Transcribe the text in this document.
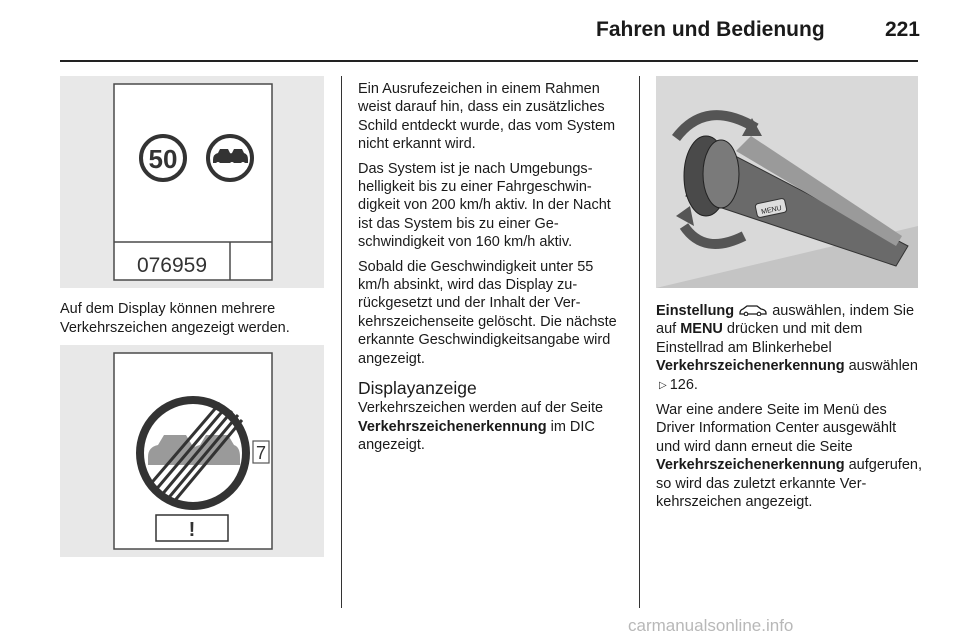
Fahren und Bedienung	221
50
076959
Auf dem Display können mehrere Verkehrszeichen angezeigt werden.
7
!

Ein Ausrufezeichen in einem Rahmen weist darauf hin, dass ein zusätzliches Schild entdeckt wurde, das vom System nicht erkannt wird.

Das System ist je nach Umgebungshelligkeit bis zu einer Fahrgeschwindigkeit von 200 km/h aktiv. In der Nacht ist das System bis zu einer Geschwindigkeit von 160 km/h aktiv.

Sobald die Geschwindigkeit unter 55 km/h absinkt, wird das Display zurückgesetzt und der Inhalt der Verkehrszeichenseite gelöscht. Die nächste erkannte Geschwindigkeitsangabe wird angezeigt.

Displayanzeige

Verkehrszeichen werden auf der Seite Verkehrszeichenerkennung im DIC angezeigt.

MENU

Einstellung  auswählen, indem Sie auf MENU drücken und mit dem Einstellrad am Blinkerhebel Verkehrszeichenerkennung auswählen ▷ 126.

War eine andere Seite im Menü des Driver Information Center ausgewählt und wird dann erneut die Seite Verkehrszeichenerkennung aufgerufen, so wird das zuletzt erkannte Verkehrszeichen angezeigt.

carmanualsonline.info
